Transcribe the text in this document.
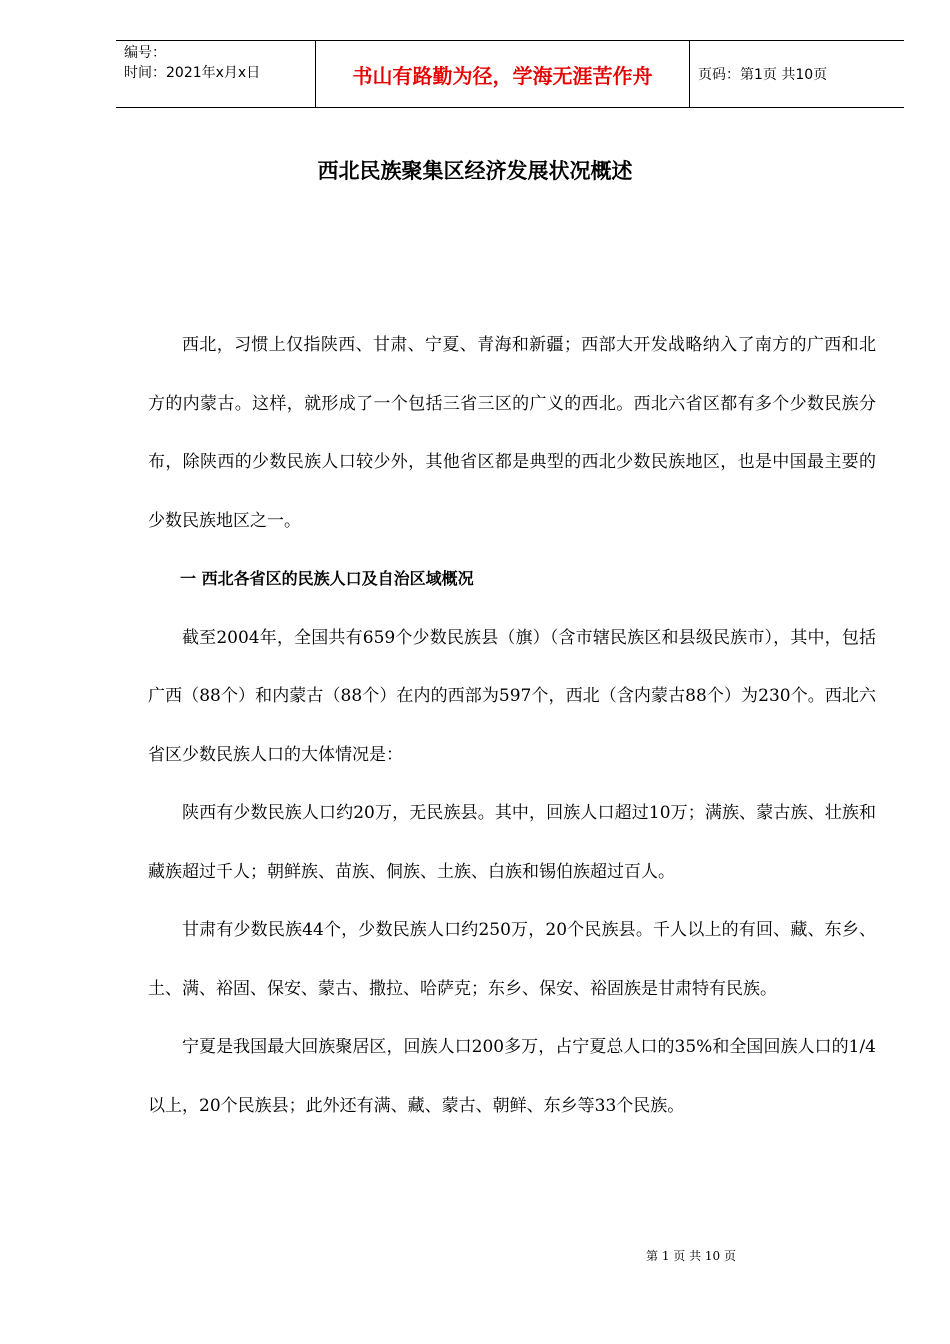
编号：
时间：2021年x月x日	书山有路勤为径，学海无涯苦作舟	页码：第1页 共10页
西北民族聚集区经济发展状况概述

西北，习惯上仅指陕西、甘肃、宁夏、青海和新疆；西部大开发战略纳入了南方的广西和北方的内蒙古。这样，就形成了一个包括三省三区的广义的西北。西北六省区都有多个少数民族分布，除陕西的少数民族人口较少外，其他省区都是典型的西北少数民族地区，也是中国最主要的少数民族地区之一。

一 西北各省区的民族人口及自治区域概况

截至2004年，全国共有659个少数民族县（旗）（含市辖民族区和县级民族市），其中，包括广西（88个）和内蒙古（88个）在内的西部为597个，西北（含内蒙古88个）为230个。西北六省区少数民族人口的大体情况是：

陕西有少数民族人口约20万，无民族县。其中，回族人口超过10万；满族、蒙古族、壮族和藏族超过千人；朝鲜族、苗族、侗族、土族、白族和锡伯族超过百人。

甘肃有少数民族44个，少数民族人口约250万，20个民族县。千人以上的有回、藏、东乡、土、满、裕固、保安、蒙古、撒拉、哈萨克；东乡、保安、裕固族是甘肃特有民族。

宁夏是我国最大回族聚居区，回族人口200多万，占宁夏总人口的35%和全国回族人口的1/4以上，20个民族县；此外还有满、藏、蒙古、朝鲜、东乡等33个民族。

第 1 页 共 10 页
